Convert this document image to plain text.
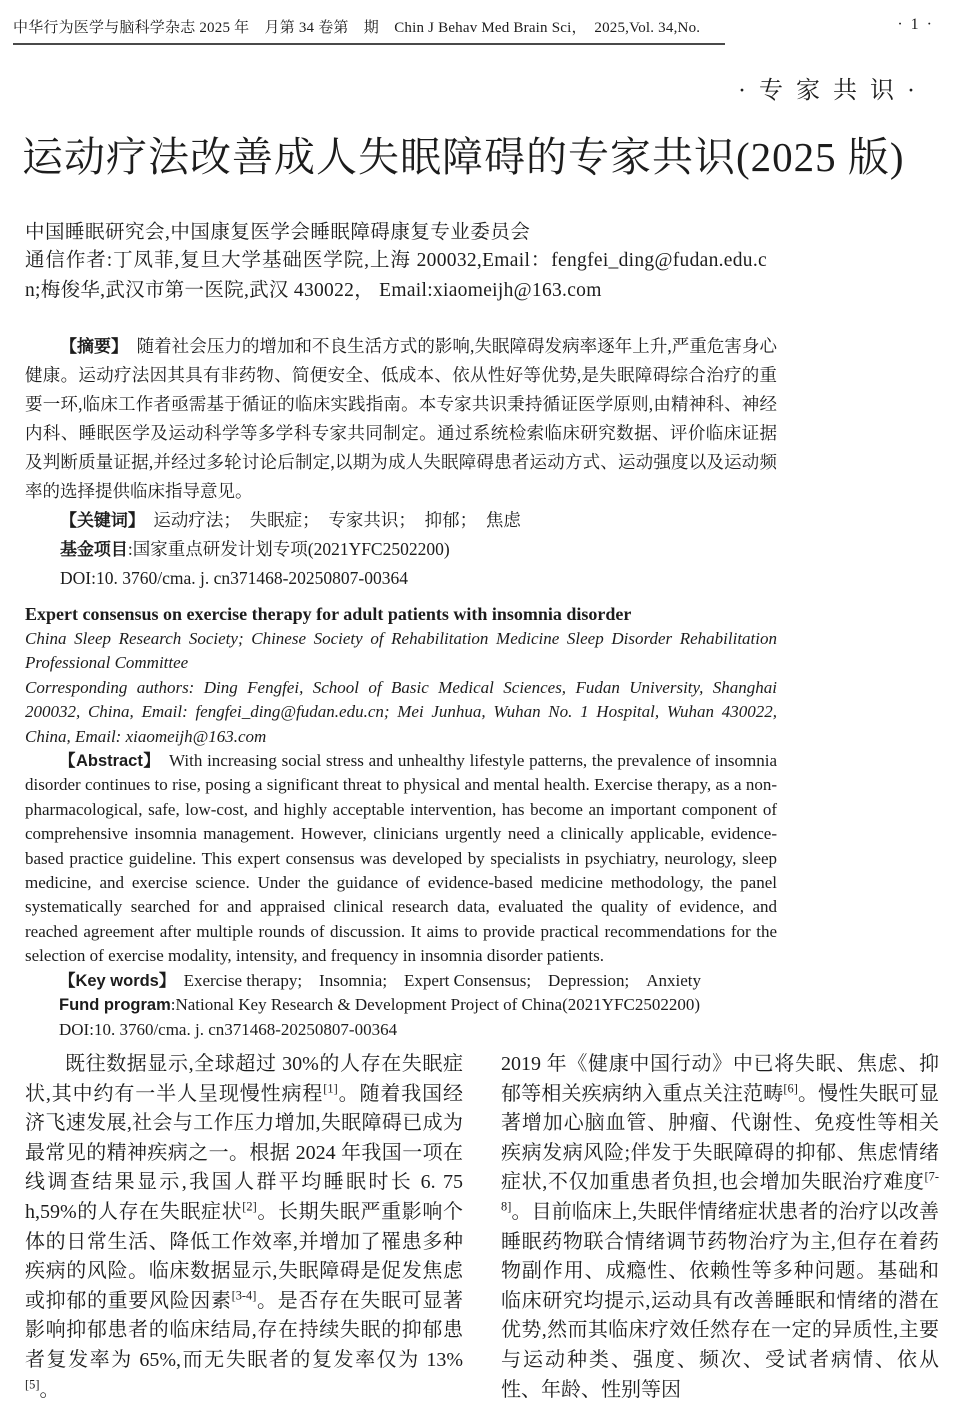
中华行为医学与脑科学杂志 2025 年　月第 34 卷第　期　Chin J Behav Med Brain Sci，　2025,Vol. 34,No.	· 1 ·
·专家共识·
运动疗法改善成人失眠障碍的专家共识(2025 版)
中国睡眠研究会,中国康复医学会睡眠障碍康复专业委员会
通信作者:丁凤菲,复旦大学基础医学院,上海 200032,Email：fengfei_ding@fudan.edu.cn;梅俊华,武汉市第一医院,武汉 430022， Email:xiaomeijh@163.com

【摘要】　随着社会压力的增加和不良生活方式的影响,失眠障碍发病率逐年上升,严重危害身心健康。运动疗法因其具有非药物、简便安全、低成本、依从性好等优势,是失眠障碍综合治疗的重要一环,临床工作者亟需基于循证的临床实践指南。本专家共识秉持循证医学原则,由精神科、神经内科、睡眠医学及运动科学等多学科专家共同制定。通过系统检索临床研究数据、评价临床证据及判断质量证据,并经过多轮讨论后制定,以期为成人失眠障碍患者运动方式、运动强度以及运动频率的选择提供临床指导意见。

【关键词】　运动疗法；　失眠症；　专家共识；　抑郁；　焦虑

基金项目:国家重点研发计划专项(2021YFC2502200)

DOI:10. 3760/cma. j. cn371468-20250807-00364

Expert consensus on exercise therapy for adult patients with insomnia disorder

China Sleep Research Society; Chinese Society of Rehabilitation Medicine Sleep Disorder Rehabilitation Professional Committee

Corresponding authors: Ding Fengfei, School of Basic Medical Sciences, Fudan University, Shanghai 200032, China, Email: fengfei_ding@fudan.edu.cn; Mei Junhua, Wuhan No. 1 Hospital, Wuhan 430022, China, Email: xiaomeijh@163.com

【Abstract】　With increasing social stress and unhealthy lifestyle patterns, the prevalence of insomnia disorder continues to rise, posing a significant threat to physical and mental health. Exercise therapy, as a non-pharmacological, safe, low-cost, and highly acceptable intervention, has become an important component of comprehensive insomnia management. However, clinicians urgently need a clinically applicable, evidence-based practice guideline. This expert consensus was developed by specialists in psychiatry, neurology, sleep medicine, and exercise science. Under the guidance of evidence-based medicine methodology, the panel systematically searched for and appraised clinical research data, evaluated the quality of evidence, and reached agreement after multiple rounds of discussion. It aims to provide practical recommendations for the selection of exercise modality, intensity, and frequency in insomnia disorder patients.

【Key words】　Exercise therapy;　Insomnia;　Expert Consensus;　Depression;　Anxiety

Fund program:National Key Research & Development Project of China(2021YFC2502200)

DOI:10. 3760/cma. j. cn371468-20250807-00364

既往数据显示,全球超过 30%的人存在失眠症状,其中约有一半人呈现慢性病程[1]。随着我国经济飞速发展,社会与工作压力增加,失眠障碍已成为最常见的精神疾病之一。根据 2024 年我国一项在线调查结果显示,我国人群平均睡眠时长 6. 75 h,59%的人存在失眠症状[2]。长期失眠严重影响个体的日常生活、降低工作效率,并增加了罹患多种疾病的风险。临床数据显示,失眠障碍是促发焦虑或抑郁的重要风险因素[3-4]。是否存在失眠可显著影响抑郁患者的临床结局,存在持续失眠的抑郁患者复发率为 65%,而无失眠者的复发率仅为 13%[5]。

2019 年《健康中国行动》中已将失眠、焦虑、抑郁等相关疾病纳入重点关注范畴[6]。慢性失眠可显著增加心脑血管、肿瘤、代谢性、免疫性等相关疾病发病风险;伴发于失眠障碍的抑郁、焦虑情绪症状,不仅加重患者负担,也会增加失眠治疗难度[7-8]。目前临床上,失眠伴情绪症状患者的治疗以改善睡眠药物联合情绪调节药物治疗为主,但存在着药物副作用、成瘾性、依赖性等多种问题。基础和临床研究均提示,运动具有改善睡眠和情绪的潜在优势,然而其临床疗效任然存在一定的异质性,主要与运动种类、强度、频次、受试者病情、依从性、年龄、性别等因
